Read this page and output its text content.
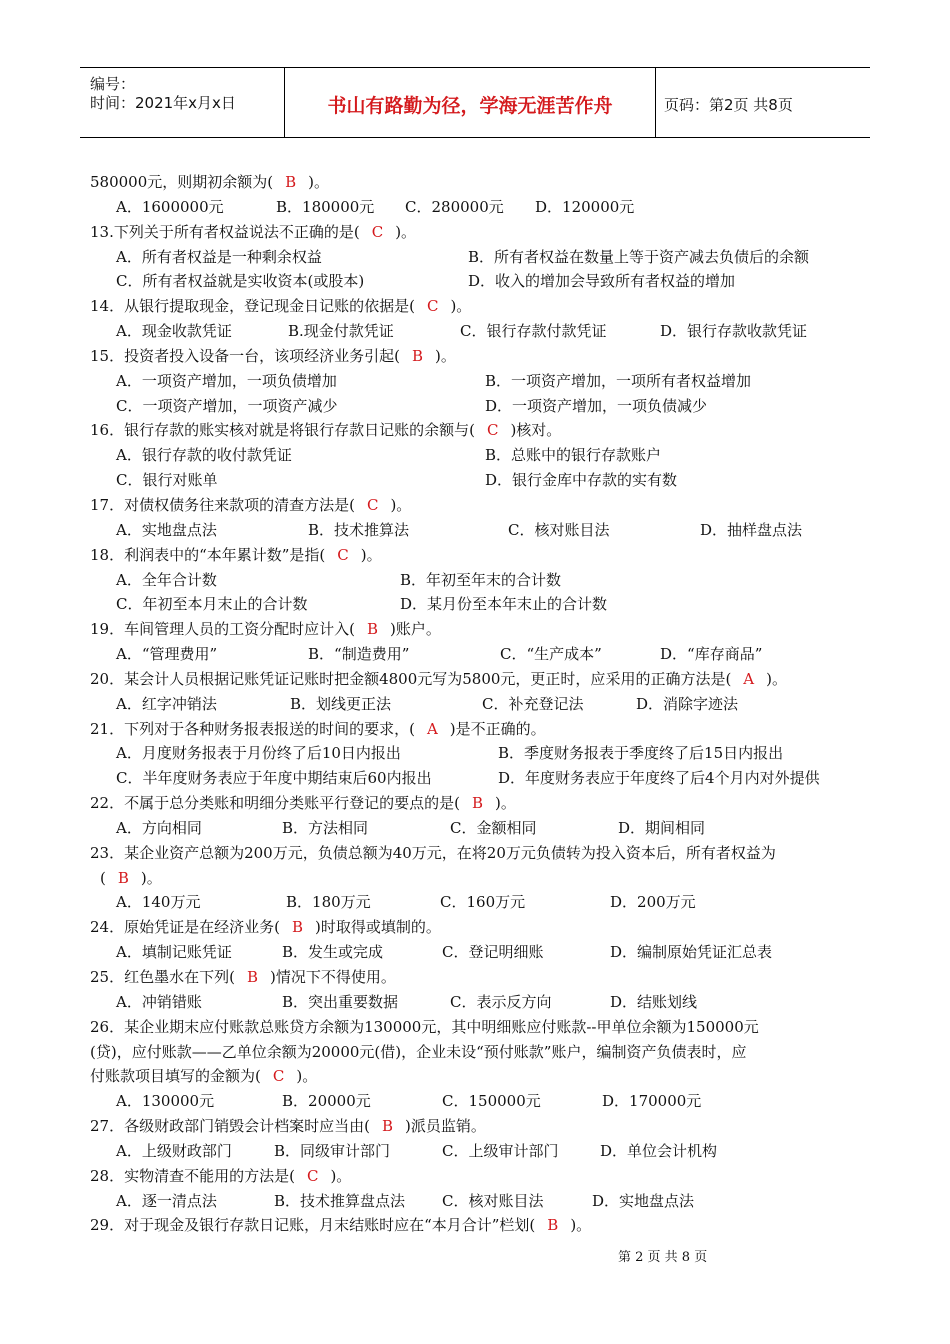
编号：
时间：2021年x月x日	书山有路勤为径，学海无涯苦作舟	页码：第2页 共8页
580000元，则期初余额为( B )。
A．1600000元	B．180000元 C．280000元 D．120000元
13.下列关于所有者权益说法不正确的是( C )。
A．所有者权益是一种剩余权益	B．所有者权益在数量上等于资产减去负债后的余额
C．所有者权益就是实收资本(或股本)	D．收入的增加会导致所有者权益的增加
14．从银行提取现金，登记现金日记账的依据是( C )。
A．现金收款凭证	B.现金付款凭证	C．银行存款付款凭证	D．银行存款收款凭证
15．投资者投入设备一台，该项经济业务引起( B )。
A．一项资产增加，一项负债增加	B．一项资产增加，一项所有者权益增加
C．一项资产增加，一项资产减少	D．一项资产增加，一项负债减少
16．银行存款的账实核对就是将银行存款日记账的余额与( C )核对。
A．银行存款的收付款凭证	B．总账中的银行存款账户
C．银行对账单	D．银行金库中存款的实有数
17．对债权债务往来款项的清查方法是( C )。
A．实地盘点法	B．技术推算法	C．核对账目法	D．抽样盘点法
18．利润表中的“本年累计数”是指( C )。
A．全年合计数	B．年初至年末的合计数
C．年初至本月末止的合计数	D．某月份至本年末止的合计数
19．车间管理人员的工资分配时应计入( B )账户。
A．“管理费用”	B．“制造费用”	C．“生产成本”	D．“库存商品”
20．某会计人员根据记账凭证记账时把金额4800元写为5800元，更正时，应采用的正确方法是( A )。
A．红字冲销法	B．划线更正法	C．补充登记法	D．消除字迹法
21．下列对于各种财务报表报送的时间的要求，( A )是不正确的。
A．月度财务报表于月份终了后10日内报出	B．季度财务报表于季度终了后15日内报出
C．半年度财务表应于年度中期结束后60内报出	D．年度财务表应于年度终了后4个月内对外提供
22．不属于总分类账和明细分类账平行登记的要点的是( B )。
A．方向相同	B．方法相同	C．金额相同	D．期间相同
23．某企业资产总额为200万元，负债总额为40万元，在将20万元负债转为投入资本后，所有者权益为
( B )。
A．140万元	B．180万元	C．160万元	D．200万元
24．原始凭证是在经济业务( B )时取得或填制的。
A．填制记账凭证	B．发生或完成	C．登记明细账	D．编制原始凭证汇总表
25．红色墨水在下列( B )情况下不得使用。
A．冲销错账	B．突出重要数据	C．表示反方向	D．结账划线
26．某企业期末应付账款总账贷方余额为130000元，其中明细账应付账款--甲单位余额为150000元
(贷)，应付账款——乙单位余额为20000元(借)，企业未设“预付账款”账户，编制资产负债表时，应
付账款项目填写的金额为( C )。
A．130000元	B．20000元	C．150000元	D．170000元
27．各级财政部门销毁会计档案时应当由( B )派员监销。
A．上级财政部门	B．同级审计部门	C．上级审计部门	D．单位会计机构
28．实物清查不能用的方法是( C )。
A．逐一清点法	B．技术推算盘点法 C．核对账目法	D．实地盘点法
29．对于现金及银行存款日记账，月末结账时应在“本月合计”栏划( B )。
第 2 页 共 8 页
